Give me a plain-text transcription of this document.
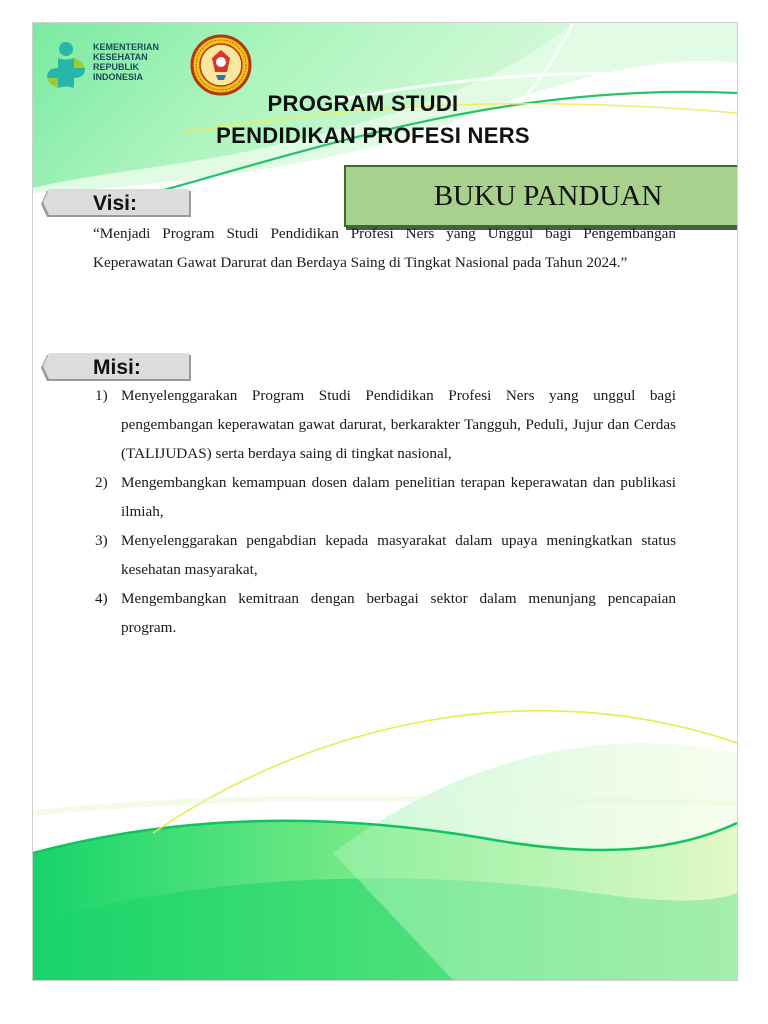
KEMENTERIAN
KESEHATAN
REPUBLIK
INDONESIA
PROGRAM STUDI
PENDIDIKAN PROFESI NERS
BUKU PANDUAN
Visi:

“Menjadi Program Studi Pendidikan Profesi Ners yang Unggul bagi Pengembangan Keperawatan Gawat Darurat dan Berdaya Saing di Tingkat Nasional pada Tahun 2024.”

Misi:
1) Menyelenggarakan Program Studi Pendidikan Profesi Ners yang unggul bagi pengembangan keperawatan gawat darurat, berkarakter Tangguh, Peduli, Jujur dan Cerdas (TALIJUDAS) serta berdaya saing di tingkat nasional,
2) Mengembangkan kemampuan dosen dalam penelitian terapan keperawatan dan publikasi ilmiah,
3) Menyelenggarakan pengabdian kepada masyarakat dalam upaya meningkatkan status kesehatan masyarakat,
4) Mengembangkan kemitraan dengan berbagai sektor dalam menunjang pencapaian program.
